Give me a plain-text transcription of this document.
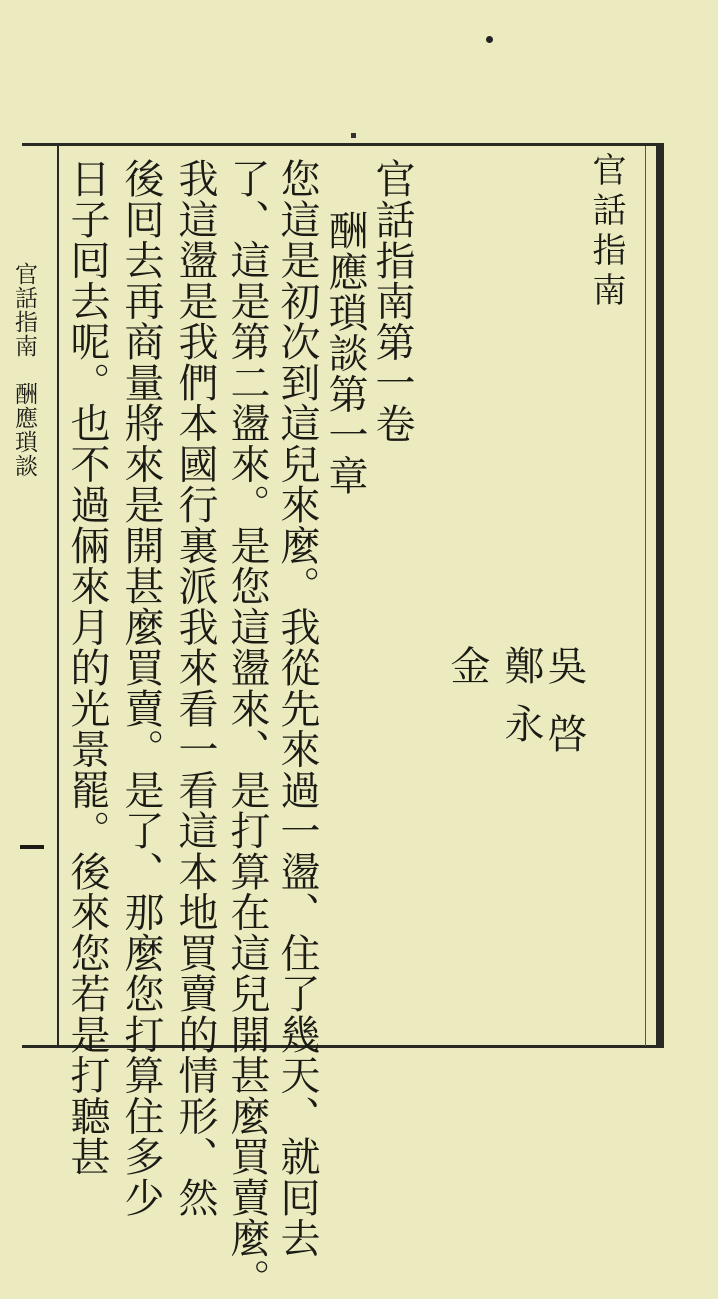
官話指南　酬應瑣談
官話指南
官話指南第一卷
酬應瑣談第一章
吳啓
鄭永
金
您這是初次到這兒來麼。我從先來過一盪、住了幾天、就囘去
了、這是第二盪來。是您這盪來、是打算在這兒開甚麼買賣麼。
我這盪是我們本國行裏派我來看一看這本地買賣的情形、然
後囘去再商量將來是開甚麼買賣。是了、那麼您打算住多少
日子囘去呢。也不過倆來月的光景罷。後來您若是打聽甚
